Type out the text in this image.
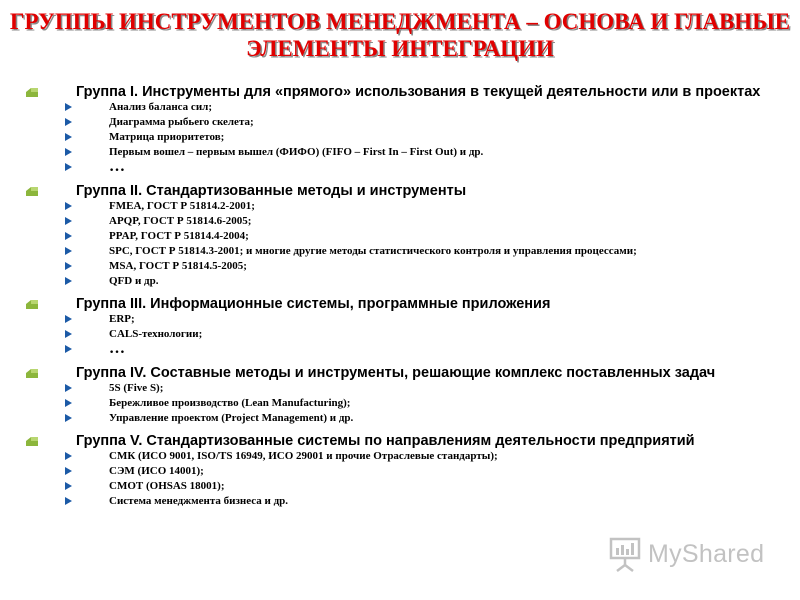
ГРУППЫ ИНСТРУМЕНТОВ МЕНЕДЖМЕНТА – ОСНОВА И ГЛАВНЫЕ ЭЛЕМЕНТЫ ИНТЕГРАЦИИ
Группа I. Инструменты для «прямого» использования в текущей деятельности или в проектах
Анализ баланса сил;
Диаграмма рыбьего скелета;
Матрица приоритетов;
Первым вошел – первым вышел (ФИФО) (FIFO – First In – First Out) и др.
…
Группа II. Стандартизованные методы и инструменты
FMEA, ГОСТ Р 51814.2-2001;
APQP, ГОСТ Р 51814.6-2005;
PPAP, ГОСТ Р 51814.4-2004;
SPC, ГОСТ Р 51814.3-2001; и многие другие методы статистического контроля и управления процессами;
MSA, ГОСТ Р 51814.5-2005;
QFD и др.
Группа III. Информационные системы, программные приложения
ERP;
CALS-технологии;
…
Группа IV. Составные методы и инструменты, решающие комплекс поставленных задач
5S (Five S);
Бережливое производство (Lean Manufacturing);
Управление проектом (Project Management) и др.
Группа V. Стандартизованные системы по направлениям деятельности предприятий
СМК (ИСО 9001, ISO/TS 16949, ИСО 29001 и прочие Отраслевые стандарты);
СЭМ (ИСО 14001);
СМОТ (OHSAS 18001);
Система менеджмента бизнеса и др.
MyShared
